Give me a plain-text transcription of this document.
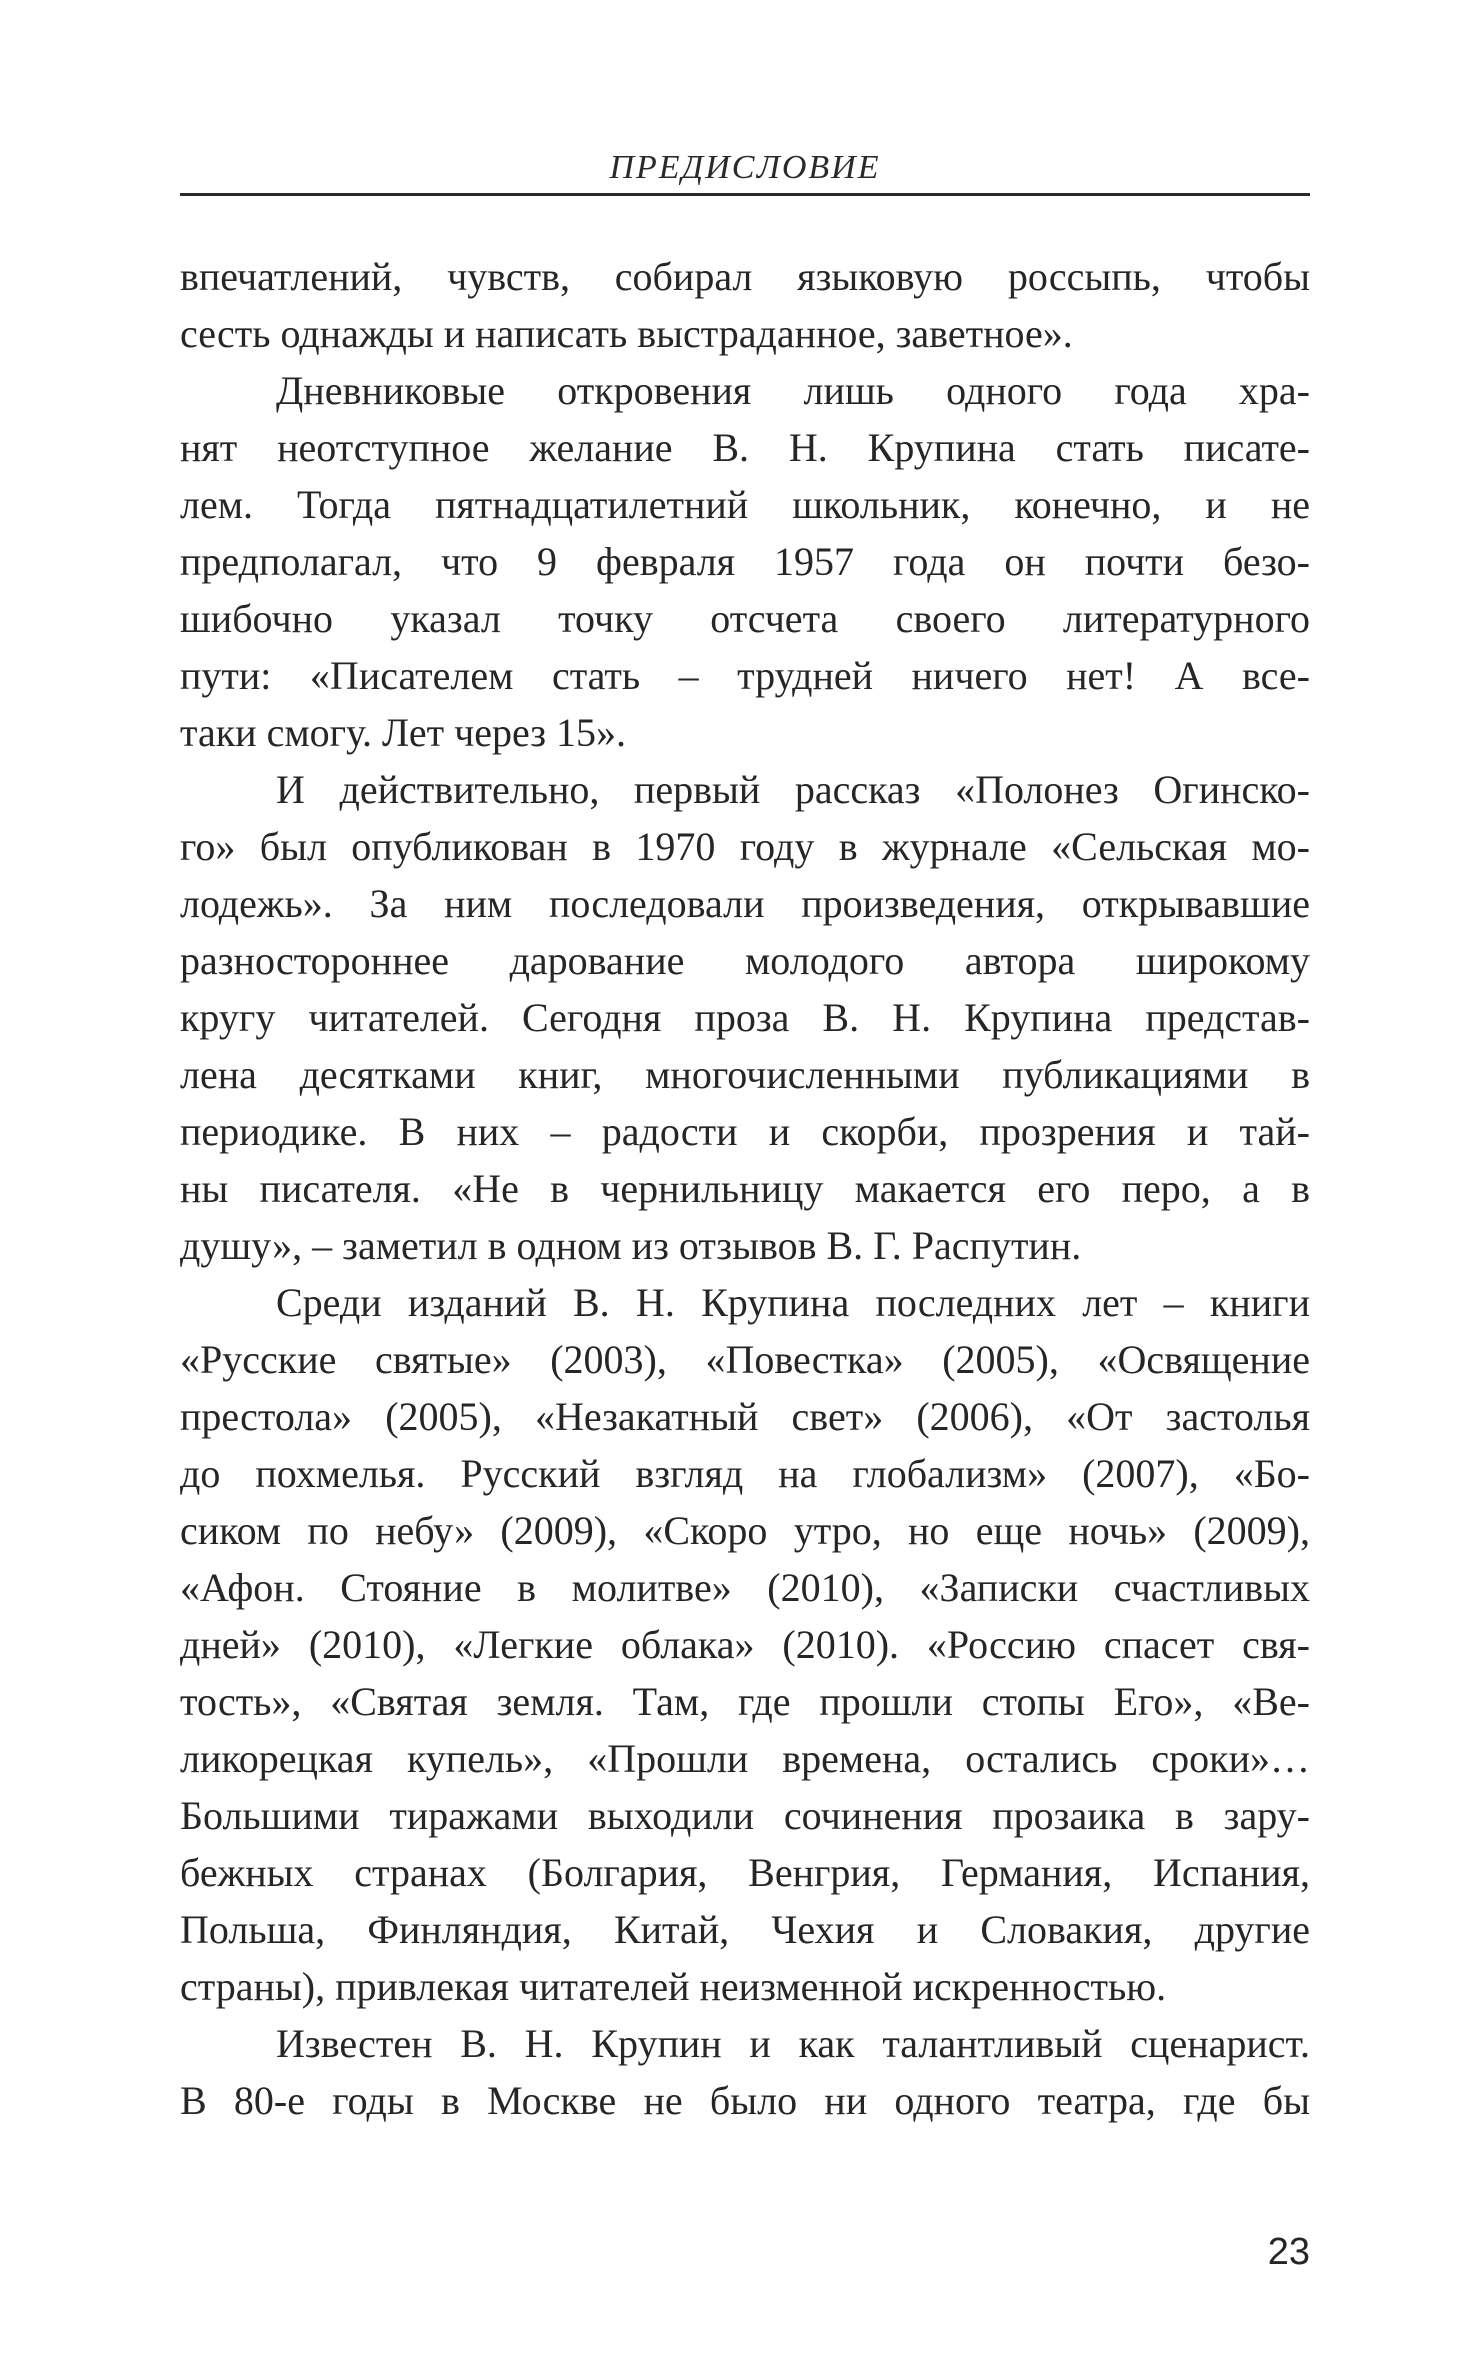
ПРЕДИСЛОВИЕ
впечатлений, чувств, собирал языковую россыпь, чтобы
сесть однажды и написать выстраданное, заветное».
Дневниковые откровения лишь одного года хра-
нят неотступное желание В. Н. Крупина стать писате-
лем. Тогда пятнадцатилетний школьник, конечно, и не
предполагал, что 9 февраля 1957 года он почти безо-
шибочно указал точку отсчета своего литературного
пути: «Писателем стать – трудней ничего нет! А все-
таки смогу. Лет через 15».
И действительно, первый рассказ «Полонез Огинско-
го» был опубликован в 1970 году в журнале «Сельская мо-
лодежь». За ним последовали произведения, открывавшие
разностороннее дарование молодого автора широкому
кругу читателей. Сегодня проза В. Н. Крупина представ-
лена десятками книг, многочисленными публикациями в
периодике. В них – радости и скорби, прозрения и тай-
ны писателя. «Не в чернильницу макается его перо, а в
душу», – заметил в одном из отзывов В. Г. Распутин.
Среди изданий В. Н. Крупина последних лет – книги
«Русские святые» (2003), «Повестка» (2005), «Освящение
престола» (2005), «Незакатный свет» (2006), «От застолья
до похмелья. Русский взгляд на глобализм» (2007), «Бо-
сиком по небу» (2009), «Скоро утро, но еще ночь» (2009),
«Афон. Стояние в молитве» (2010), «Записки счастливых
дней» (2010), «Легкие облака» (2010). «Россию спасет свя-
тость», «Святая земля. Там, где прошли стопы Его», «Ве-
ликорецкая купель», «Прошли времена, остались сроки»…
Большими тиражами выходили сочинения прозаика в зару-
бежных странах (Болгария, Венгрия, Германия, Испания,
Польша, Финляндия, Китай, Чехия и Словакия, другие
страны), привлекая читателей неизменной искренностью.
Известен В. Н. Крупин и как талантливый сценарист.
В 80-е годы в Москве не было ни одного театра, где бы
23
